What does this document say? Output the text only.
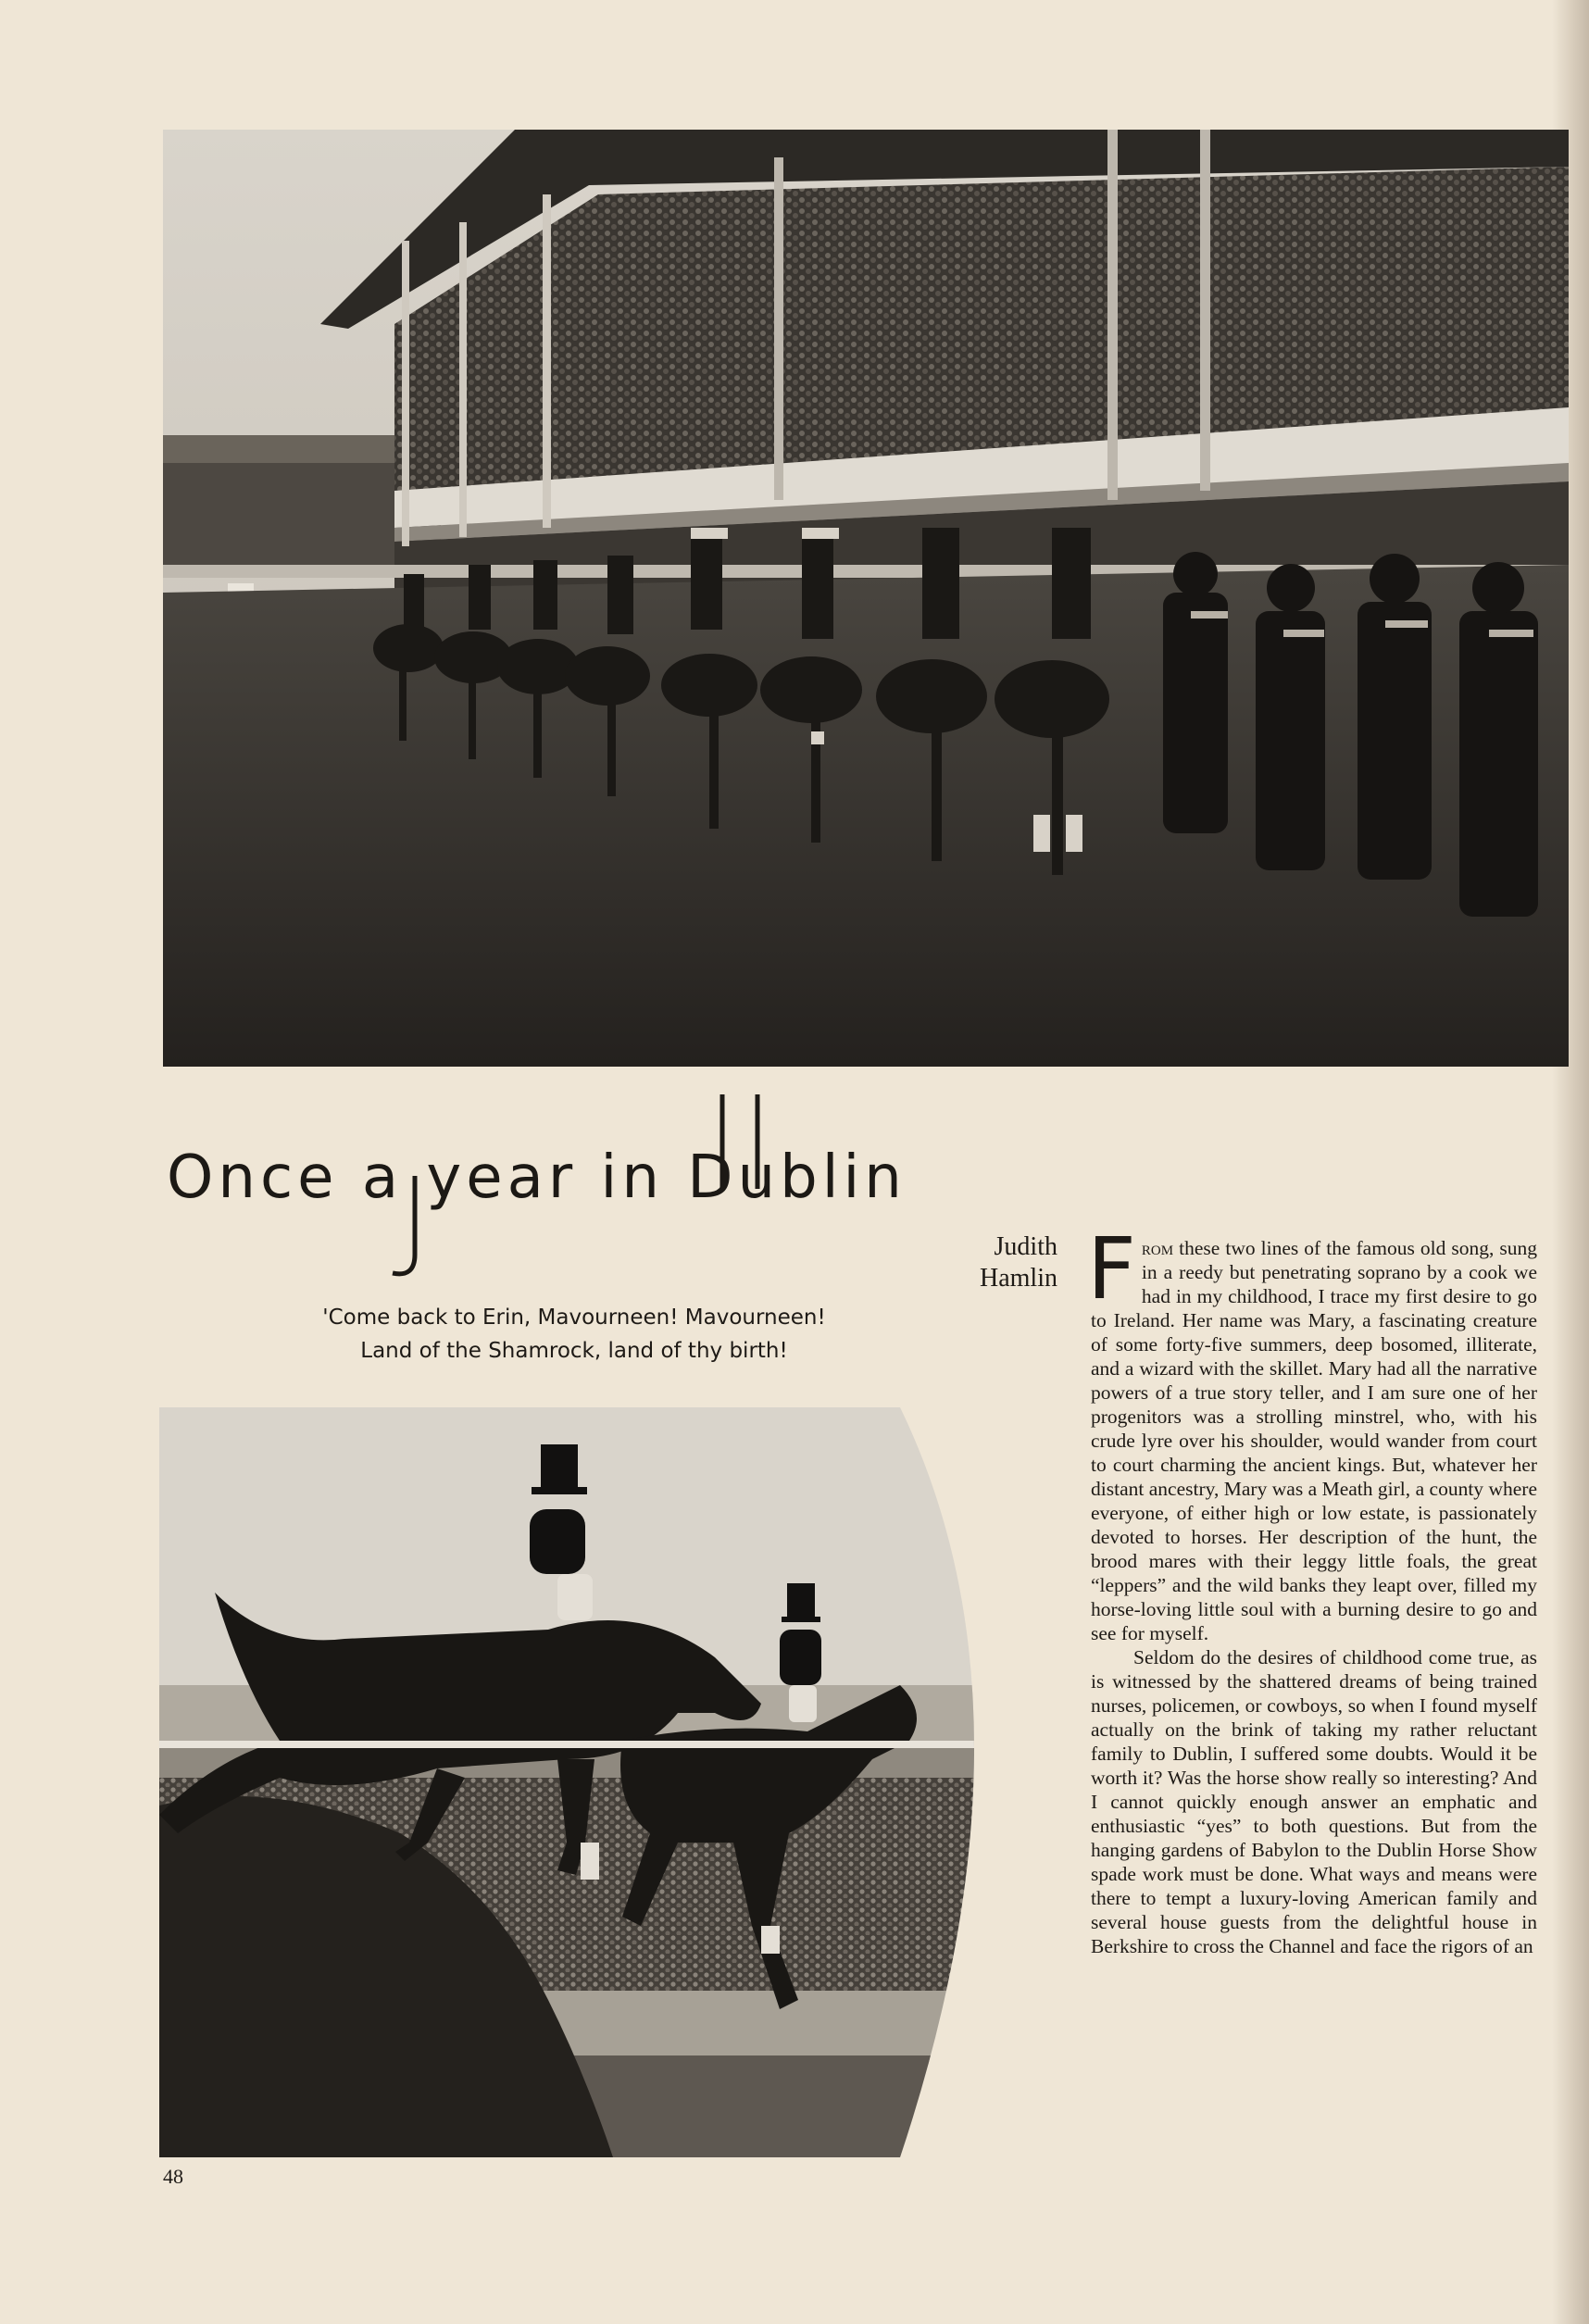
Once a year in Dublin
'Come back to Erin, Mavourneen! Mavourneen!
Land of the Shamrock, land of thy birth!
Judith
Hamlin
48

From these two lines of the famous old song, sung in a reedy but penetrating soprano by a cook we had in my childhood, I trace my first desire to go to Ireland. Her name was Mary, a fascinating creature of some forty-five summers, deep bosomed, illiterate, and a wizard with the skillet. Mary had all the narrative powers of a true story teller, and I am sure one of her progenitors was a strolling minstrel, who, with his crude lyre over his shoulder, would wander from court to court charming the ancient kings. But, whatever her distant ancestry, Mary was a Meath girl, a county where everyone, of either high or low estate, is passionately devoted to horses. Her description of the hunt, the brood mares with their leggy little foals, the great “leppers” and the wild banks they leapt over, filled my horse-loving little soul with a burning desire to go and see for myself.

Seldom do the desires of childhood come true, as is witnessed by the shattered dreams of being trained nurses, policemen, or cowboys, so when I found myself actually on the brink of taking my rather reluctant family to Dublin, I suffered some doubts. Would it be worth it? Was the horse show really so interesting? And I cannot quickly enough answer an emphatic and enthusiastic “yes” to both questions. But from the hanging gardens of Babylon to the Dublin Horse Show spade work must be done. What ways and means were there to tempt a luxury-loving American family and several house guests from the delightful house in Berkshire to cross the Channel and face the rigors of an
